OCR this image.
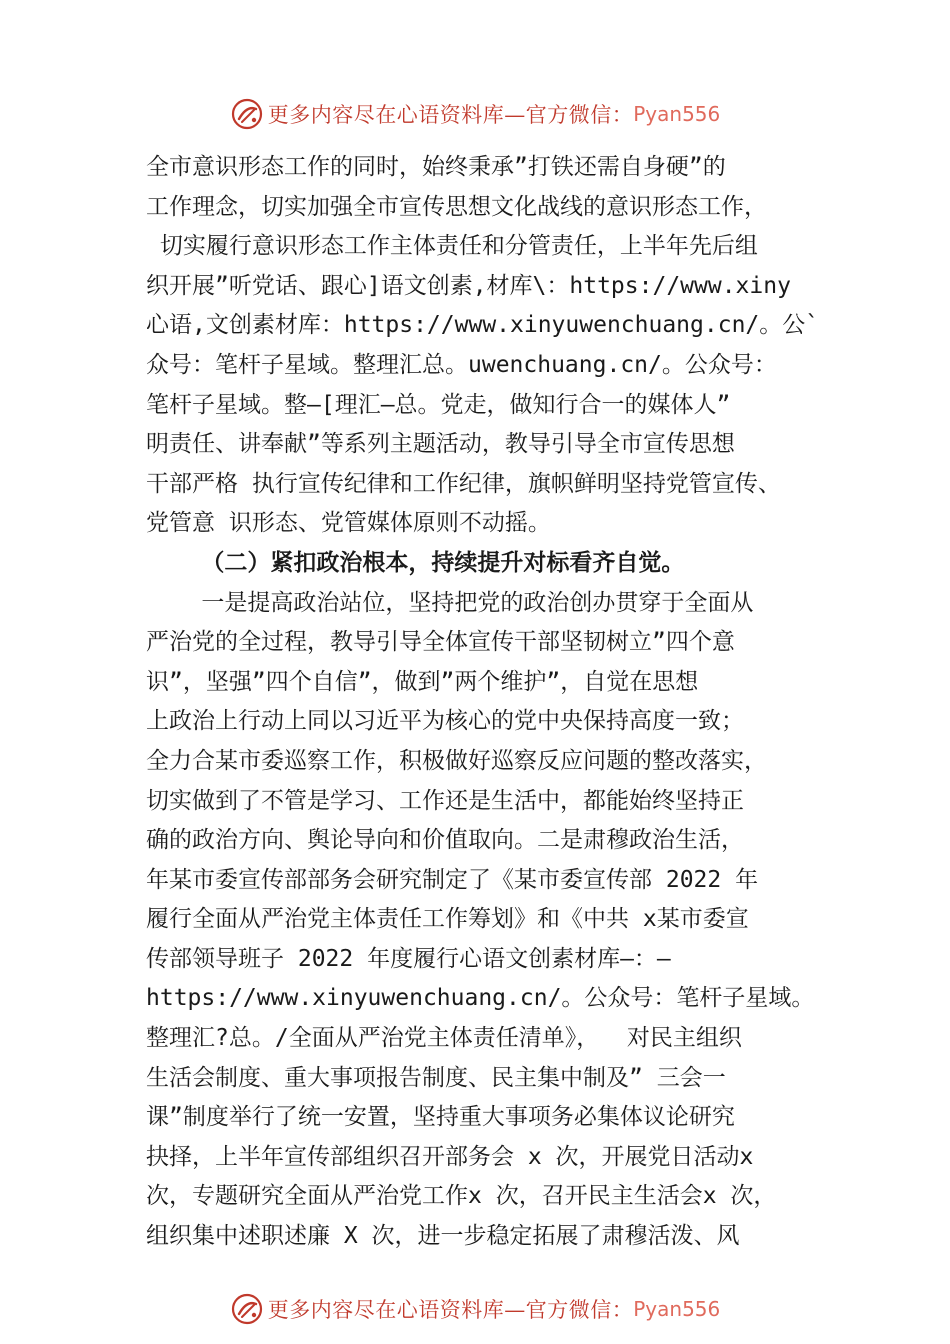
更多内容尽在心语资料库—官方微信： Pyan556
全市意识形态工作的同时，始终秉承”打铁还需自身硬”的
工作理念，切实加强全市宣传思想文化战线的意识形态工作，
切实履行意识形态工作主体责任和分管责任，上半年先后组
织开展”听党话、跟心]语文创素,材库\：https://www.xiny
心语,文创素材库：https://www.xinyuwenchuang.cn/。公`
众号：笔杆子星域。整理汇总。uwenchuang.cn/。公众号：
笔杆子星域。整—[理汇—总。党走，做知行合一的媒体人”
明责任、讲奉献”等系列主题活动，教导引导全市宣传思想
干部严格 执行宣传纪律和工作纪律，旗帜鲜明坚持党管宣传、
党管意 识形态、党管媒体原则不动摇。
（二）紧扣政治根本，持续提升对标看齐自觉。
一是提高政治站位，坚持把党的政治创办贯穿于全面从
严治党的全过程，教导引导全体宣传干部坚韧树立”四个意
识”，坚强”四个自信”，做到”两个维护”，自觉在思想
上政治上行动上同以习近平为核心的党中央保持高度一致；
全力合某市委巡察工作，积极做好巡察反应问题的整改落实，
切实做到了不管是学习、工作还是生活中，都能始终坚持正
确的政治方向、舆论导向和价值取向。二是肃穆政治生活，
年某市委宣传部部务会研究制定了《某市委宣传部 2022 年
履行全面从严治党主体责任工作筹划》和《中共 x某市委宣
传部领导班子 2022 年度履行心语文创素材库—：—
https://www.xinyuwenchuang.cn/。公众号：笔杆子星域。
整理汇?总。/全面从严治党主体责任清单》，  对民主组织
生活会制度、重大事项报告制度、民主集中制及” 三会一
课”制度举行了统一安置，坚持重大事项务必集体议论研究
抉择，上半年宣传部组织召开部务会 x 次，开展党日活动x
次，专题研究全面从严治党工作x 次，召开民主生活会x 次，
组织集中述职述廉 X 次，进一步稳定拓展了肃穆活泼、风
更多内容尽在心语资料库—官方微信： Pyan556
